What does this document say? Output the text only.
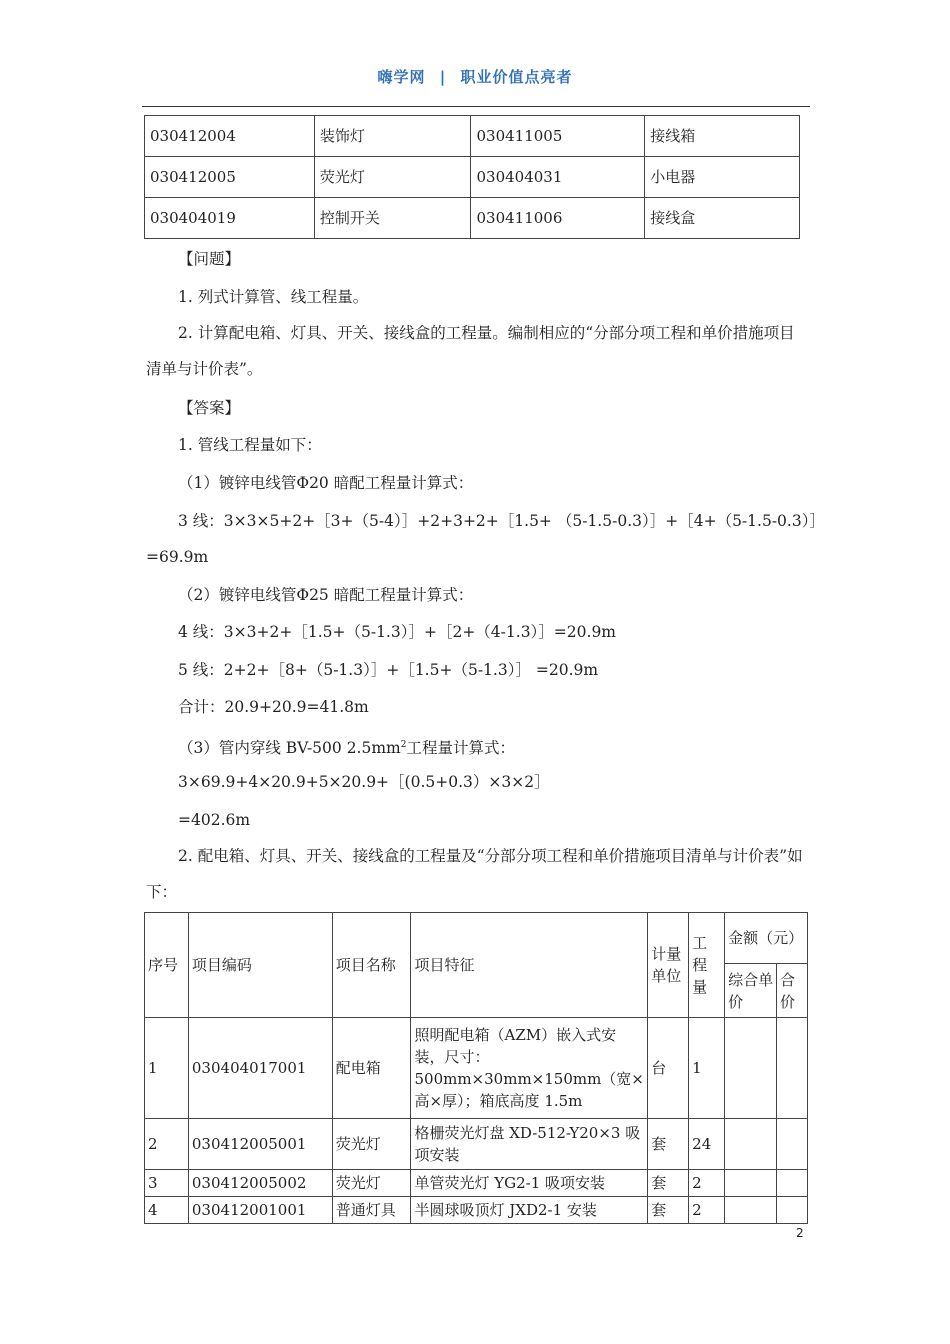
嗨学网 | 职业价值点亮者
030412004	装饰灯	030411005	接线箱
030412005	荧光灯	030404031	小电器
030404019	控制开关	030411006	接线盒
【问题】
1. 列式计算管、线工程量。
2. 计算配电箱、灯具、开关、接线盒的工程量。编制相应的“分部分项工程和单价措施项目清单与计价表”。
【答案】
1. 管线工程量如下：
（1）镀锌电线管Φ20 暗配工程量计算式：
3 线：3×3×5+2+［3+（5-4）］+2+3+2+［1.5+ （5-1.5-0.3）］+［4+（5-1.5-0.3）］
=69.9m
（2）镀锌电线管Φ25 暗配工程量计算式：
4 线：3×3+2+［1.5+（5-1.3）］+［2+（4-1.3）］=20.9m
5 线：2+2+［8+（5-1.3）］+［1.5+（5-1.3）］ =20.9m
合计：20.9+20.9=41.8m
（3）管内穿线 BV-500 $2.5mm^2$工程量计算式：
3×69.9+4×20.9+5×20.9+［(0.5+0.3）×3×2］
=402.6m
2. 配电箱、灯具、开关、接线盒的工程量及“分部分项工程和单价措施项目清单与计价表”如下：
序号	项目编码	项目名称	项目特征	计量单位	工程量	金额（元）	
						综合单价	合价
1	030404017001	配电箱	照明配电箱（AZM）嵌入式安装，尺寸：500mm×30mm×150mm（宽×高×厚）；箱底高度 1.5m	台	1		
2	030412005001	荧光灯	格栅荧光灯盘 XD-512-Y20×3 吸项安装	套	24		
3	030412005002	荧光灯	单管荧光灯 YG2-1 吸项安装	套	2		
4	030412001001	普通灯具	半圆球吸顶灯 JXD2-1 安装	套	2		
2
